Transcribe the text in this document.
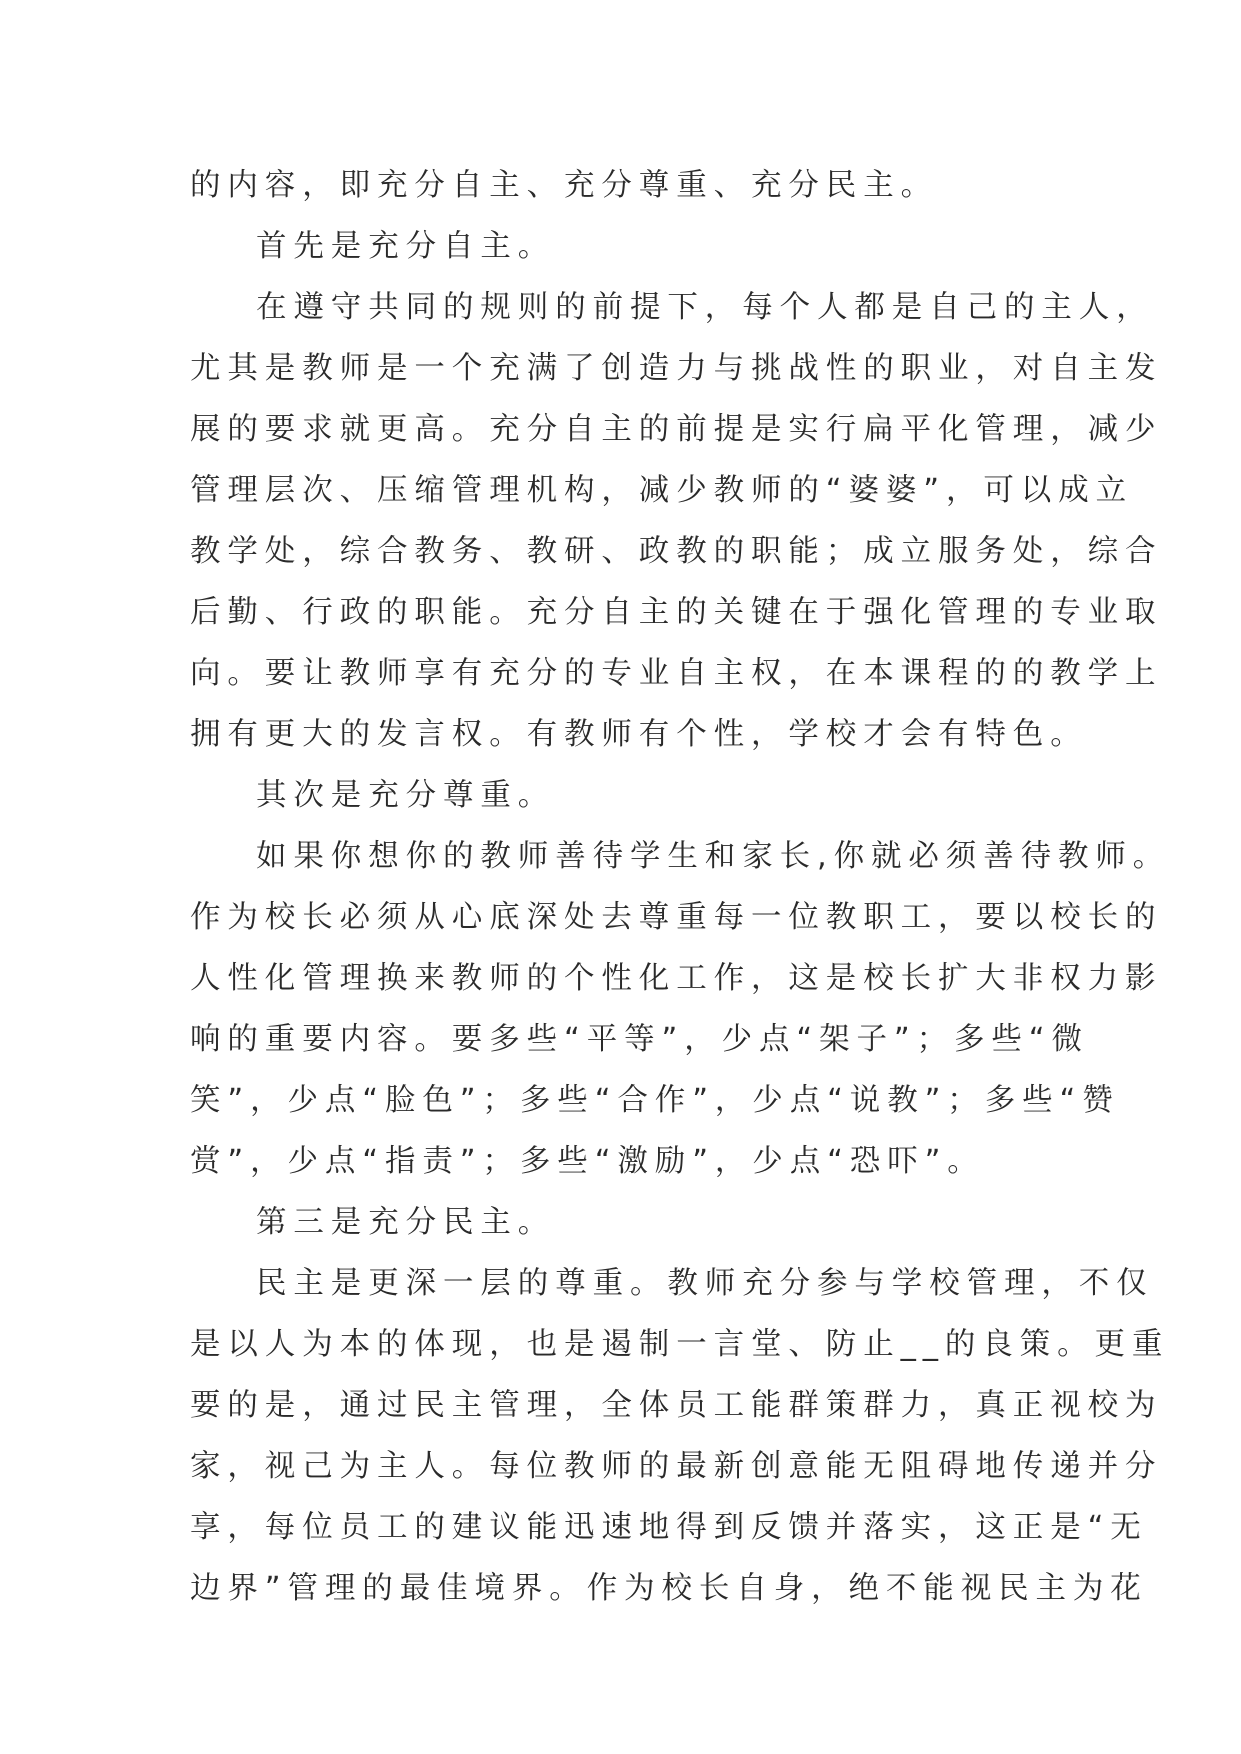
的内容，即充分自主、充分尊重、充分民主。
首先是充分自主。
在遵守共同的规则的前提下，每个人都是自己的主人，
尤其是教师是一个充满了创造力与挑战性的职业，对自主发
展的要求就更高。充分自主的前提是实行扁平化管理，减少
管理层次、压缩管理机构，减少教师的“婆婆”，可以成立
教学处，综合教务、教研、政教的职能；成立服务处，综合
后勤、行政的职能。充分自主的关键在于强化管理的专业取
向。要让教师享有充分的专业自主权，在本课程的的教学上
拥有更大的发言权。有教师有个性，学校才会有特色。
其次是充分尊重。
如果你想你的教师善待学生和家长,你就必须善待教师。
作为校长必须从心底深处去尊重每一位教职工，要以校长的
人性化管理换来教师的个性化工作，这是校长扩大非权力影
响的重要内容。要多些“平等”，少点“架子”；多些“微
笑”，少点“脸色”；多些“合作”，少点“说教”；多些“赞
赏”，少点“指责”；多些“激励”，少点“恐吓”。
第三是充分民主。
民主是更深一层的尊重。教师充分参与学校管理，不仅
是以人为本的体现，也是遏制一言堂、防止__的良策。更重
要的是，通过民主管理，全体员工能群策群力，真正视校为
家，视己为主人。每位教师的最新创意能无阻碍地传递并分
享，每位员工的建议能迅速地得到反馈并落实，这正是“无
边界”管理的最佳境界。作为校长自身，绝不能视民主为花
